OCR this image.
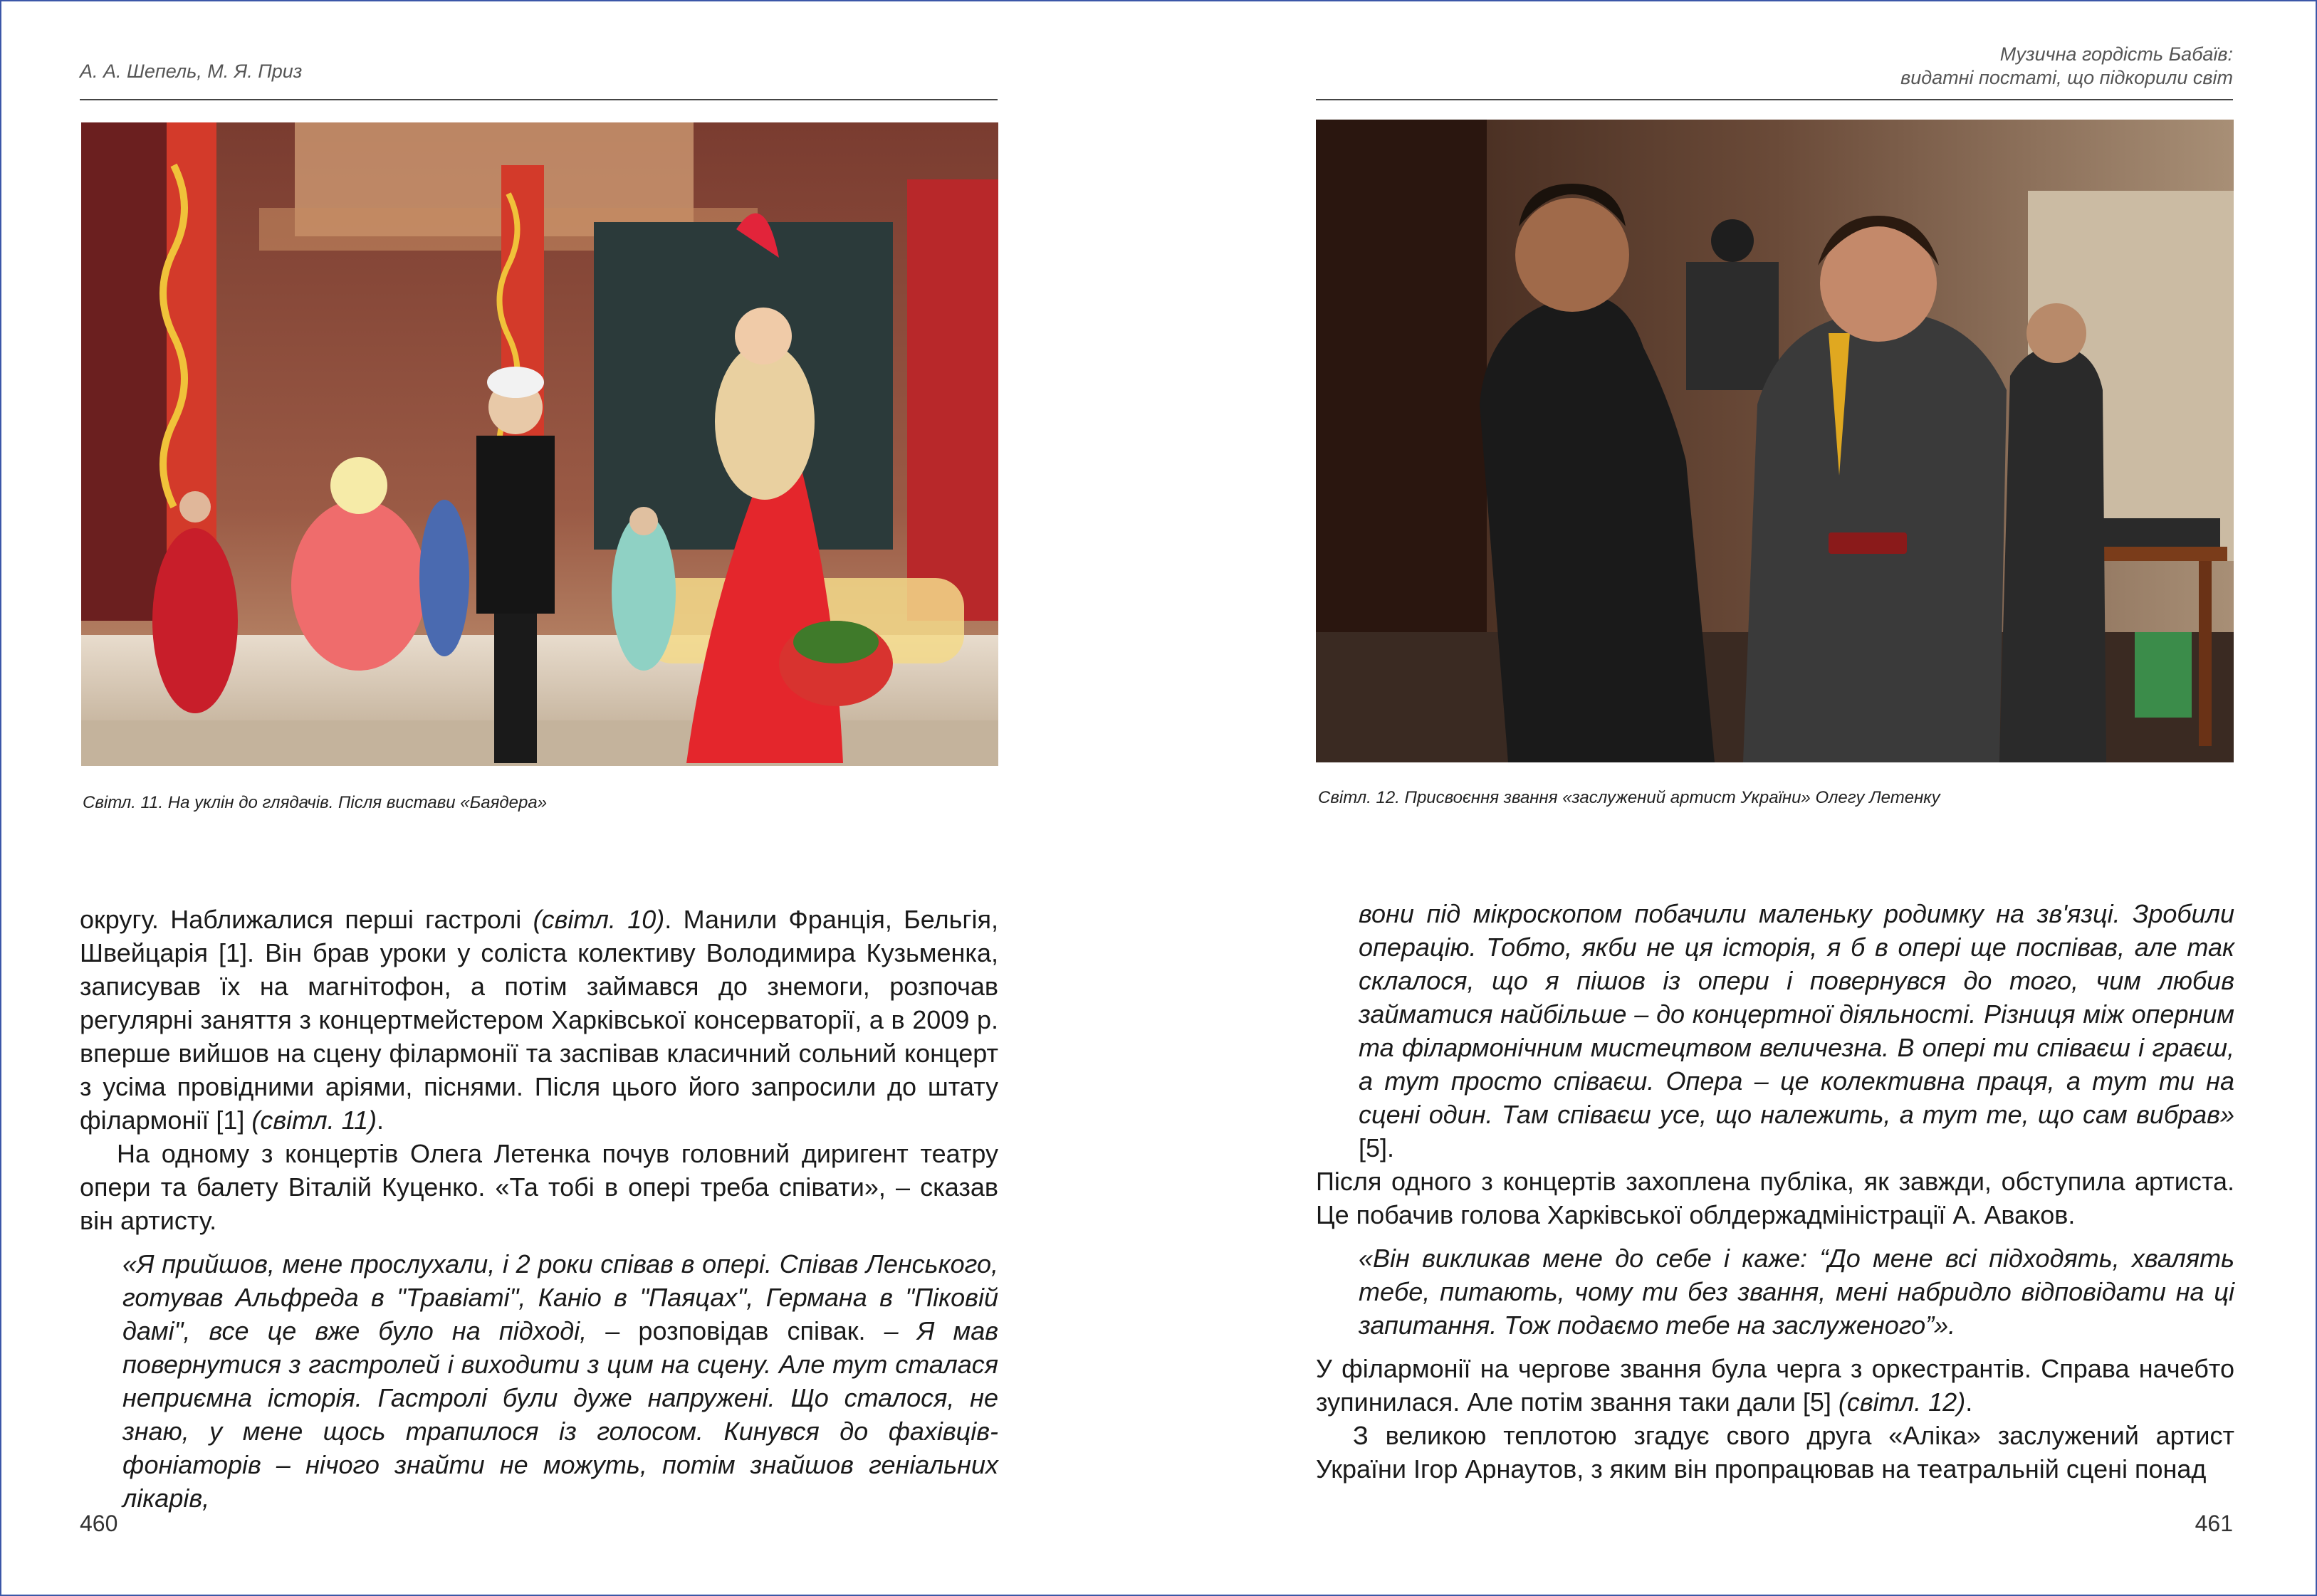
А. А. Шепель, М. Я. Приз
Світл. 11. На уклін до глядачів. Після вистави «Баядера»

округу. Наближалися перші гастролі (світл. 10). Манили Франція, Бельгія, Швейцарія [1]. Він брав уроки у соліста колективу Володимира Кузьменка, записував їх на магнітофон, а потім займався до знемоги, розпочав регулярні заняття з концертмейстером Харківської консерваторії, а в 2009 р. вперше вийшов на сцену філармонії та заспівав класичний сольний концерт з усіма провідними аріями, піснями. Після цього його запросили до штату філармонії [1] (світл. 11).

На одному з концертів Олега Летенка почув головний диригент театру опери та балету Віталій Куценко. «Та тобі в опері треба співати», – сказав він артисту.

«Я прийшов, мене прослухали, і 2 роки співав в опері. Співав Ленського, готував Альфреда в "Травіаті", Каніо в "Паяцах", Германа в "Піковій дамі", все це вже було на підході, – розповідав співак. – Я мав повернутися з гастролей і виходити з цим на сцену. Але тут сталася неприємна історія. Гастролі були дуже напружені. Що сталося, не знаю, у мене щось трапилося із голосом. Кинувся до фахівців-фоніаторів – нічого знайти не можуть, потім знайшов геніальних лікарів,

460
Музична гордість Бабаїв:
видатні постаті, що підкорили світ
Світл. 12. Присвоєння звання «заслужений артист України» Олегу Летенку

вони під мікроскопом побачили маленьку родимку на зв'язці. Зробили операцію. Тобто, якби не ця історія, я б в опері ще поспівав, але так склалося, що я пішов із опери і повернувся до того, чим любив займатися найбільше – до концертної діяльності. Різниця між оперним та філармонічним мистецтвом величезна. В опері ти співаєш і граєш, а тут просто співаєш. Опера – це колективна праця, а тут ти на сцені один. Там співаєш усе, що належить, а тут те, що сам вибрав» [5].

Після одного з концертів захоплена публіка, як завжди, обступила артиста. Це побачив голова Харківської облдержадміністрації А. Аваков.

«Він викликав мене до себе і каже: “До мене всі підходять, хвалять тебе, питають, чому ти без звання, мені набридло відповідати на ці запитання. Тож подаємо тебе на заслуженого”».

У філармонії на чергове звання була черга з оркестрантів. Справа начебто зупинилася. Але потім звання таки дали [5] (світл. 12).

З великою теплотою згадує свого друга «Аліка» заслужений артист України Ігор Арнаутов, з яким він пропрацював на театральній сцені понад

461
